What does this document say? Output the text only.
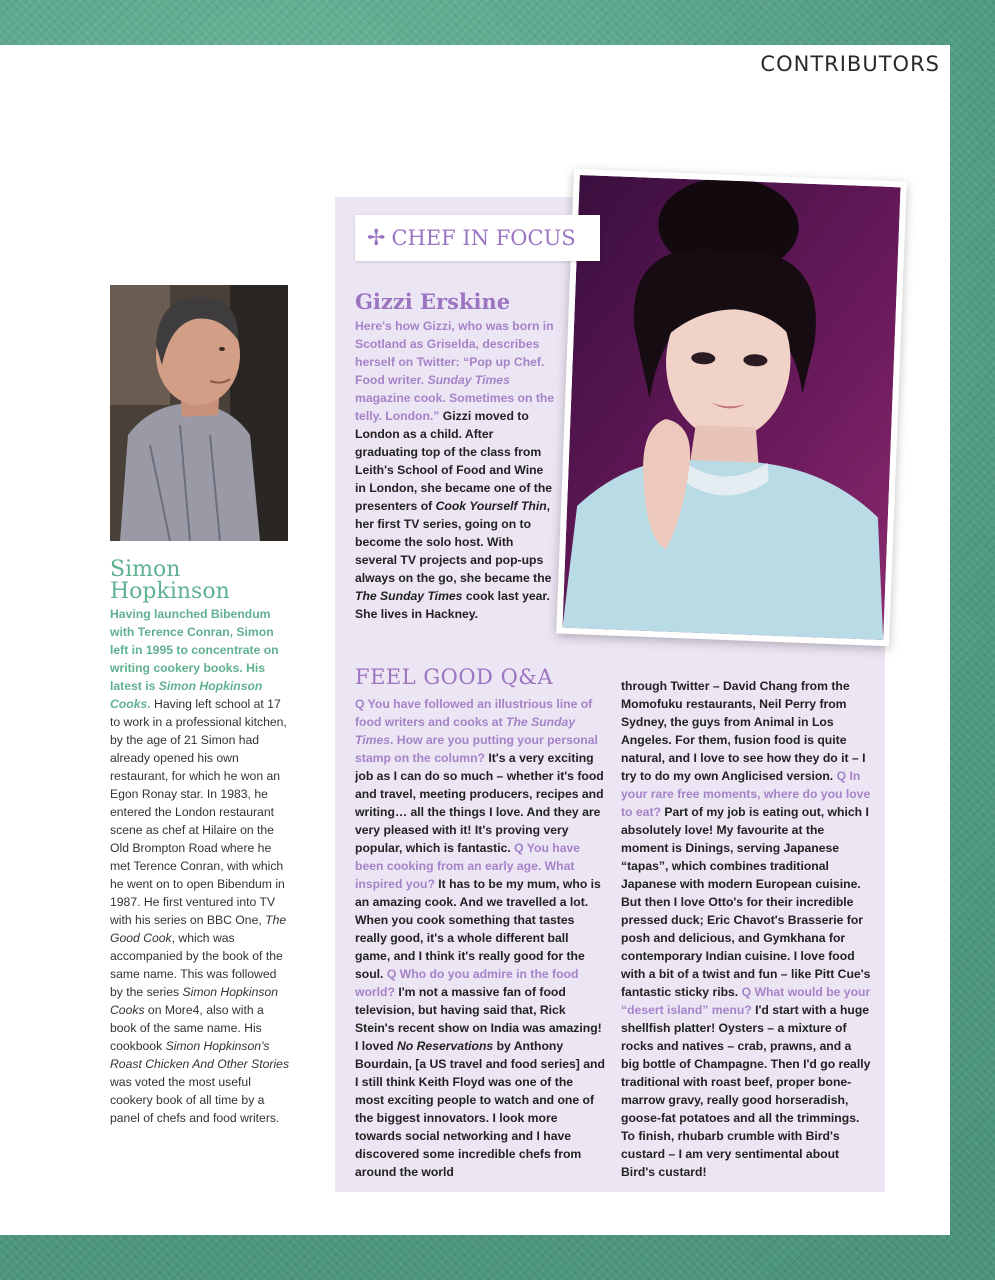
CONTRIBUTORS
Simon
Hopkinson

Having launched Bibendum with Terence Conran, Simon left in 1995 to concentrate on writing cookery books. His latest is Simon Hopkinson Cooks. Having left school at 17 to work in a professional kitchen, by the age of 21 Simon had already opened his own restaurant, for which he won an Egon Ronay star. In 1983, he entered the London restaurant scene as chef at Hilaire on the Old Brompton Road where he met Terence Conran, with which he went on to open Bibendum in 1987. He first ventured into TV with his series on BBC One, The Good Cook, which was accompanied by the book of the same name. This was followed by the series Simon Hopkinson Cooks on More4, also with a book of the same name. His cookbook Simon Hopkinson's Roast Chicken And Other Stories was voted the most useful cookery book of all time by a panel of chefs and food writers.

✢ CHEF IN FOCUS
Gizzi Erskine

Here's how Gizzi, who was born in Scotland as Griselda, describes herself on Twitter: “Pop up Chef. Food writer. Sunday Times magazine cook. Sometimes on the telly. London.” Gizzi moved to London as a child. After graduating top of the class from Leith's School of Food and Wine in London, she became one of the presenters of Cook Yourself Thin, her first TV series, going on to become the solo host. With several TV projects and pop-ups always on the go, she became the The Sunday Times cook last year. She lives in Hackney.

FEEL GOOD Q&A

Q You have followed an illustrious line of food writers and cooks at The Sunday Times. How are you putting your personal stamp on the column? It's a very exciting job as I can do so much – whether it's food and travel, meeting producers, recipes and writing… all the things I love. And they are very pleased with it! It's proving very popular, which is fantastic. Q You have been cooking from an early age. What inspired you? It has to be my mum, who is an amazing cook. And we travelled a lot. When you cook something that tastes really good, it's a whole different ball game, and I think it's really good for the soul. Q Who do you admire in the food world? I'm not a massive fan of food television, but having said that, Rick Stein's recent show on India was amazing! I loved No Reservations by Anthony Bourdain, [a US travel and food series] and I still think Keith Floyd was one of the most exciting people to watch and one of the biggest innovators. I look more towards social networking and I have discovered some incredible chefs from around the world

through Twitter – David Chang from the Momofuku restaurants, Neil Perry from Sydney, the guys from Animal in Los Angeles. For them, fusion food is quite natural, and I love to see how they do it – I try to do my own Anglicised version. Q In your rare free moments, where do you love to eat? Part of my job is eating out, which I absolutely love! My favourite at the moment is Dinings, serving Japanese “tapas”, which combines traditional Japanese with modern European cuisine. But then I love Otto's for their incredible pressed duck; Eric Chavot's Brasserie for posh and delicious, and Gymkhana for contemporary Indian cuisine. I love food with a bit of a twist and fun – like Pitt Cue's fantastic sticky ribs. Q What would be your “desert island” menu? I'd start with a huge shellfish platter! Oysters – a mixture of rocks and natives – crab, prawns, and a big bottle of Champagne. Then I'd go really traditional with roast beef, proper bone-marrow gravy, really good horseradish, goose-fat potatoes and all the trimmings. To finish, rhubarb crumble with Bird's custard – I am very sentimental about Bird's custard!
